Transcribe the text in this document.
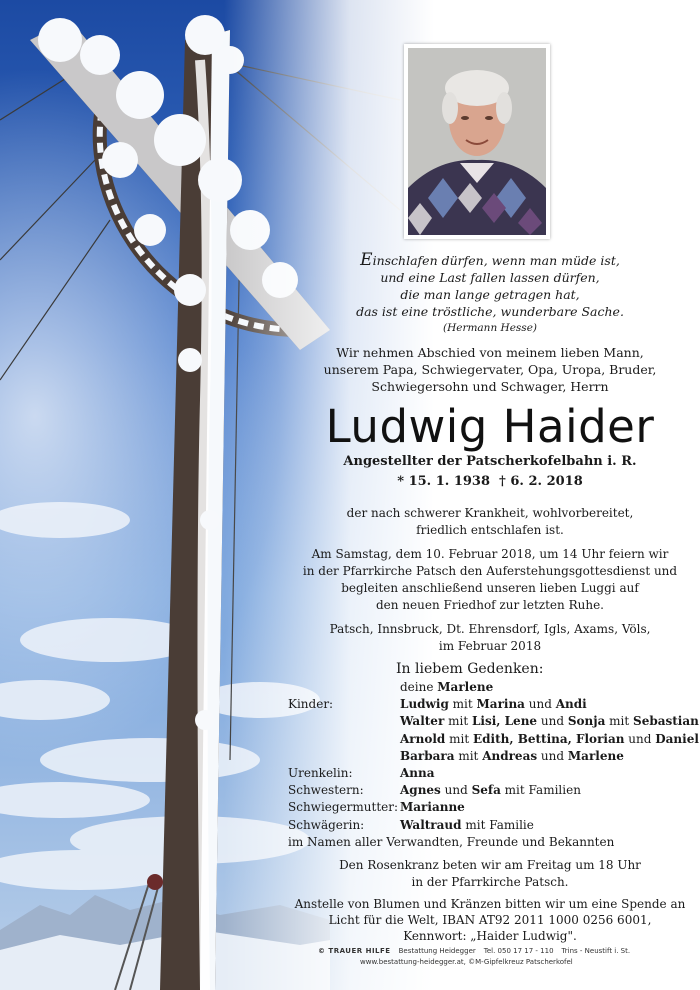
Einschlafen dürfen, wenn man müde ist,
und eine Last fallen lassen dürfen,
die man lange getragen hat,
das ist eine tröstliche, wunderbare Sache.
(Hermann Hesse)
Wir nehmen Abschied von meinem lieben Mann,
unserem Papa, Schwiegervater, Opa, Uropa, Bruder,
Schwiegersohn und Schwager, Herrn
Ludwig Haider
Angestellter der Patscherkofelbahn i. R.
* 15. 1. 1938  † 6. 2. 2018
der nach schwerer Krankheit, wohlvorbereitet,
friedlich entschlafen ist.
Am Samstag, dem 10. Februar 2018, um 14 Uhr feiern wir
in der Pfarrkirche Patsch den Auferstehungsgottesdienst und
begleiten anschließend unseren lieben Luggi auf
den neuen Friedhof zur letzten Ruhe.
Patsch, Innsbruck, Dt. Ehrensdorf, Igls, Axams, Völs,
im Februar 2018
In liebem Gedenken:
deine Marlene
Kinder:	Ludwig mit Marina und Andi
Walter mit Lisi, Lene und Sonja mit Sebastian
Arnold mit Edith, Bettina, Florian und Daniel
Barbara mit Andreas und Marlene
Urenkelin:	Anna
Schwestern:	Agnes und Sefa mit Familien
Schwiegermutter: Marianne
Schwägerin:	Waltraud mit Familie
im Namen aller Verwandten, Freunde und Bekannten
Den Rosenkranz beten wir am Freitag um 18 Uhr
in der Pfarrkirche Patsch.
Anstelle von Blumen und Kränzen bitten wir um eine Spende an
Licht für die Welt, IBAN AT92 2011 1000 0256 6001,
Kennwort: „Haider Ludwig".
© TRAUER HILFE Bestattung Heidegger Tel. 050 17 17 - 110 Trins - Neustift i. St.
www.bestattung-heidegger.at, ©M-Gipfelkreuz Patscherkofel
